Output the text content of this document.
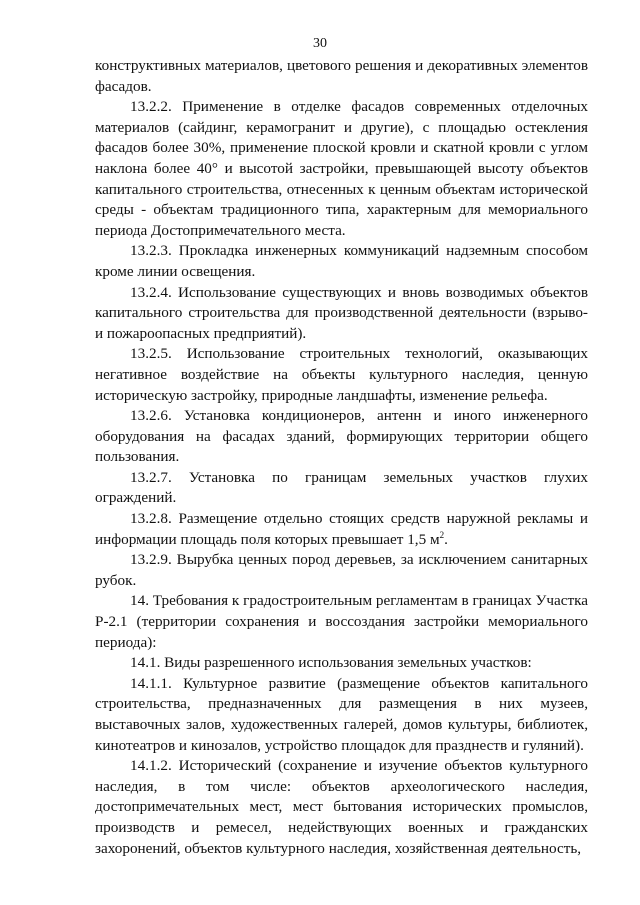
30

конструктивных материалов, цветового решения и декоративных элементов фасадов.

13.2.2. Применение в отделке фасадов современных отделочных материалов (сайдинг, керамогранит и другие), с площадью остекления фасадов более 30%, применение плоской кровли и скатной кровли с углом наклона более 40° и высотой застройки, превышающей высоту объектов капитального строительства, отнесенных к ценным объектам исторической среды - объектам традиционного типа, характерным для мемориального периода Достопримечательного места.

13.2.3. Прокладка инженерных коммуникаций надземным способом кроме линии освещения.

13.2.4. Использование существующих и вновь возводимых объектов капитального строительства для производственной деятельности (взрыво- и пожароопасных предприятий).

13.2.5. Использование строительных технологий, оказывающих негативное воздействие на объекты культурного наследия, ценную историческую застройку, природные ландшафты, изменение рельефа.

13.2.6. Установка кондиционеров, антенн и иного инженерного оборудования на фасадах зданий, формирующих территории общего пользования.

13.2.7. Установка по границам земельных участков глухих ограждений.

13.2.8. Размещение отдельно стоящих средств наружной рекламы и информации площадь поля которых превышает 1,5 $м^2$.

13.2.9. Вырубка ценных пород деревьев, за исключением санитарных рубок.

14. Требования к градостроительным регламентам в границах Участка Р-2.1 (территории сохранения и воссоздания застройки мемориального периода):

14.1. Виды разрешенного использования земельных участков:

14.1.1. Культурное развитие (размещение объектов капитального строительства, предназначенных для размещения в них музеев, выставочных залов, художественных галерей, домов культуры, библиотек, кинотеатров и кинозалов, устройство площадок для празднеств и гуляний).

14.1.2. Исторический (сохранение и изучение объектов культурного наследия, в том числе: объектов археологического наследия, достопримечательных мест, мест бытования исторических промыслов, производств и ремесел, недействующих военных и гражданских захоронений, объектов культурного наследия, хозяйственная деятельность,
